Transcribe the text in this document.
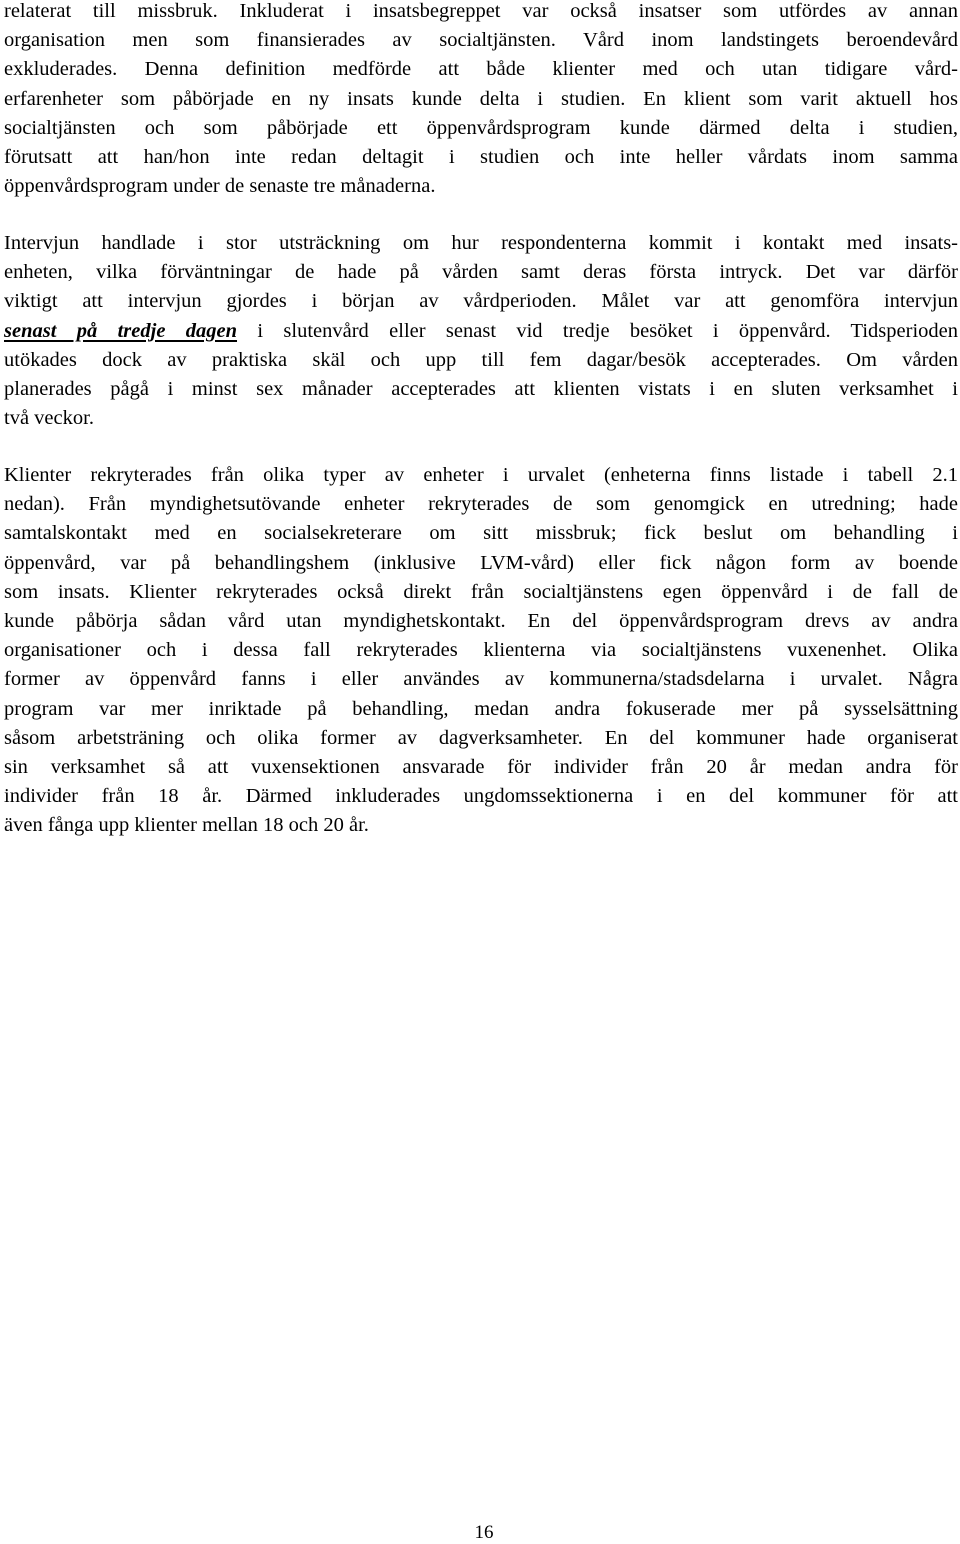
relaterat till missbruk. Inkluderat i insatsbegreppet var också insatser som utfördes av annan
organisation men som finansierades av socialtjänsten. Vård inom landstingets beroendevård
exkluderades. Denna definition medförde att både klienter med och utan tidigare vård-
erfarenheter som påbörjade en ny insats kunde delta i studien. En klient som varit aktuell hos
socialtjänsten och som påbörjade ett öppenvårdsprogram kunde därmed delta i studien,
förutsatt att han/hon inte redan deltagit i studien och inte heller vårdats inom samma
öppenvårdsprogram under de senaste tre månaderna.
Intervjun handlade i stor utsträckning om hur respondenterna kommit i kontakt med insats-
enheten, vilka förväntningar de hade på vården samt deras första intryck. Det var därför
viktigt att intervjun gjordes i början av vårdperioden. Målet var att genomföra intervjun
senast på tredje dagen i slutenvård eller senast vid tredje besöket i öppenvård. Tidsperioden
utökades dock av praktiska skäl och upp till fem dagar/besök accepterades. Om vården
planerades pågå i minst sex månader accepterades att klienten vistats i en sluten verksamhet i
två veckor.
Klienter rekryterades från olika typer av enheter i urvalet (enheterna finns listade i tabell 2.1
nedan). Från myndighetsutövande enheter rekryterades de som genomgick en utredning; hade
samtalskontakt med en socialsekreterare om sitt missbruk; fick beslut om behandling i
öppenvård, var på behandlingshem (inklusive LVM-vård) eller fick någon form av boende
som insats. Klienter rekryterades också direkt från socialtjänstens egen öppenvård i de fall de
kunde påbörja sådan vård utan myndighetskontakt. En del öppenvårdsprogram drevs av andra
organisationer och i dessa fall rekryterades klienterna via socialtjänstens vuxenenhet. Olika
former av öppenvård fanns i eller användes av kommunerna/stadsdelarna i urvalet. Några
program var mer inriktade på behandling, medan andra fokuserade mer på sysselsättning
såsom arbetsträning och olika former av dagverksamheter. En del kommuner hade organiserat
sin verksamhet så att vuxensektionen ansvarade för individer från 20 år medan andra för
individer från 18 år. Därmed inkluderades ungdomssektionerna i en del kommuner för att
även fånga upp klienter mellan 18 och 20 år.
16
